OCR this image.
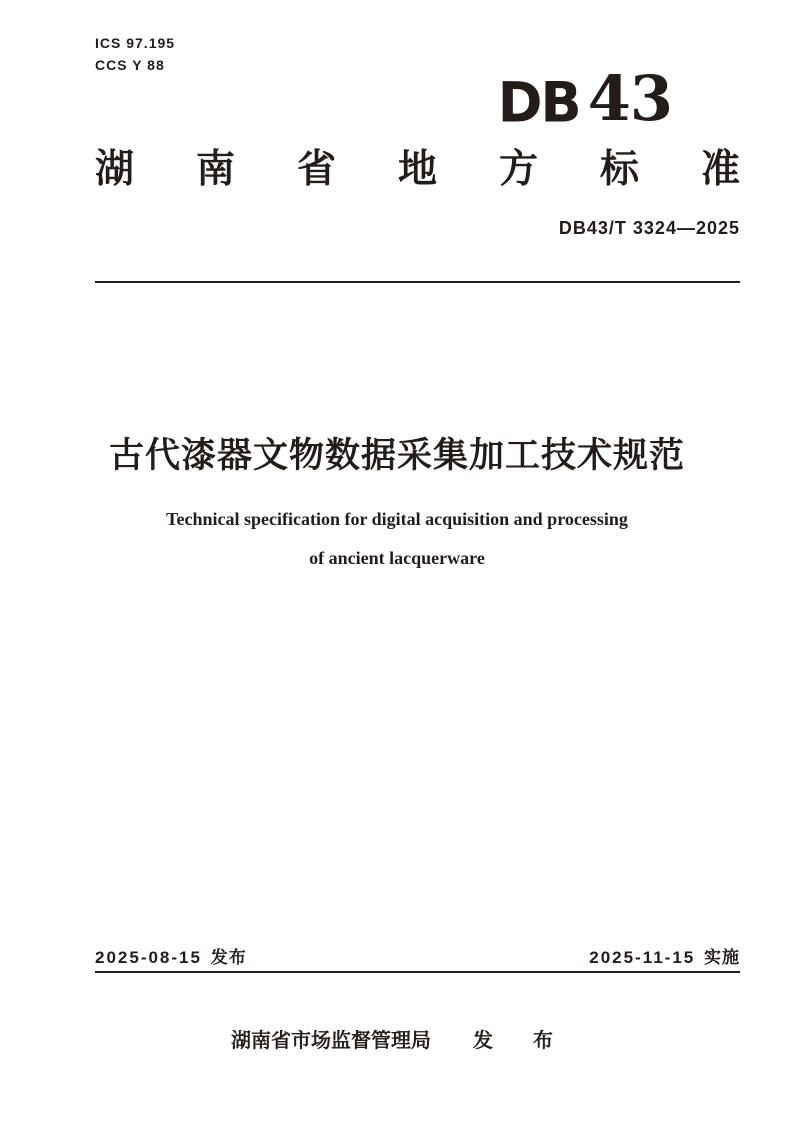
ICS 97.195
CCS Y 88
DB 43
湖南省地方标准
DB43/T 3324—2025
古代漆器文物数据采集加工技术规范
Technical specification for digital acquisition and processing
of ancient lacquerware
2025-08-15 发布	2025-11-15 实施
湖南省市场监督管理局 发　布
